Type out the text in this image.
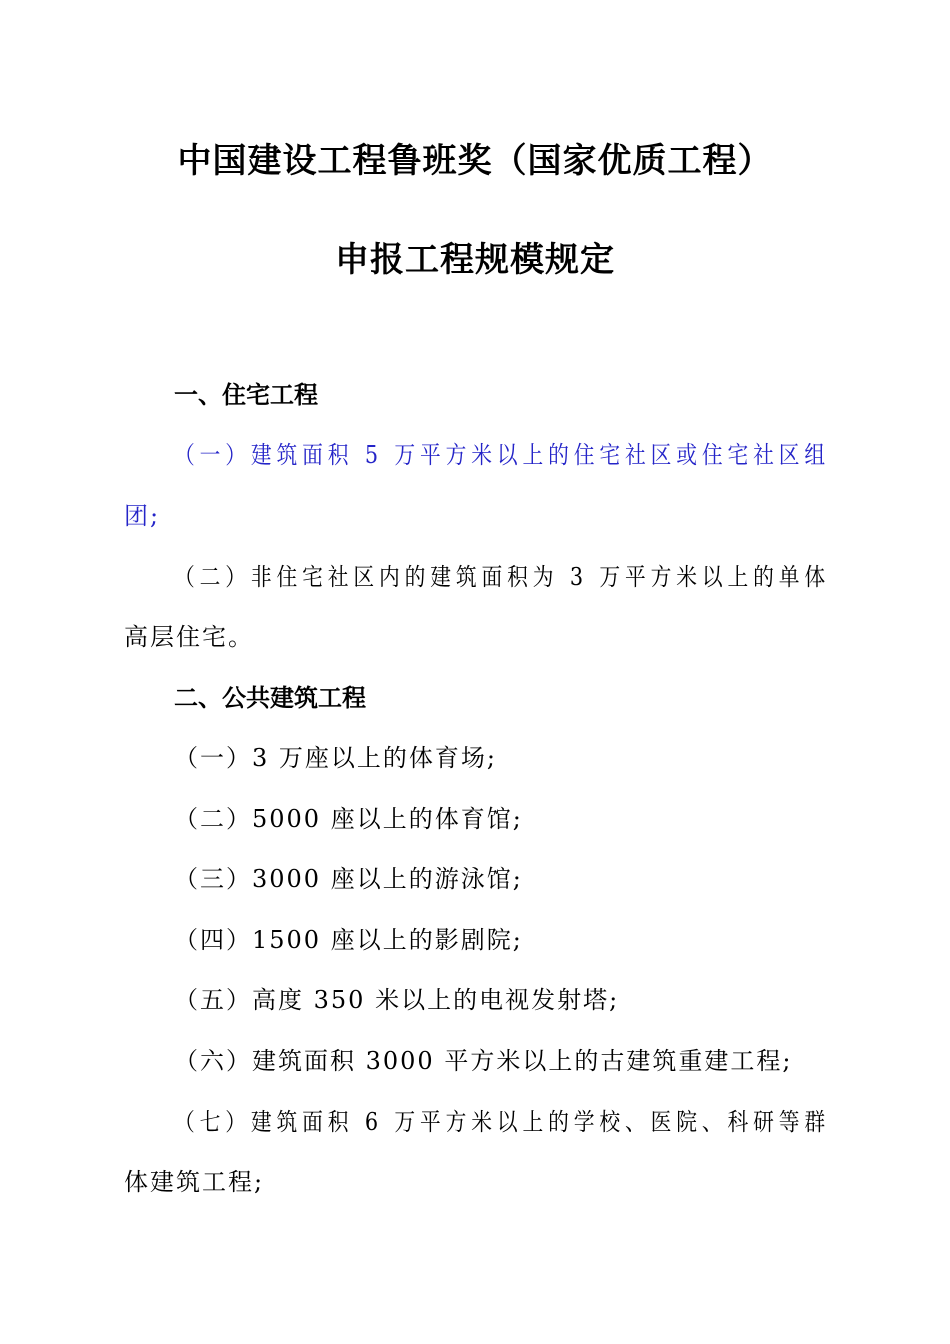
中国建设工程鲁班奖（国家优质工程）
申报工程规模规定
一、住宅工程
（一）建筑面积 5 万平方米以上的住宅社区或住宅社区组
团;
（二）非住宅社区内的建筑面积为 3 万平方米以上的单体
高层住宅。
二、公共建筑工程
（一）3 万座以上的体育场;
（二）5000 座以上的体育馆;
（三）3000 座以上的游泳馆;
（四）1500 座以上的影剧院;
（五）高度 350 米以上的电视发射塔;
（六）建筑面积 3000 平方米以上的古建筑重建工程;
（七）建筑面积 6 万平方米以上的学校、医院、科研等群
体建筑工程;
